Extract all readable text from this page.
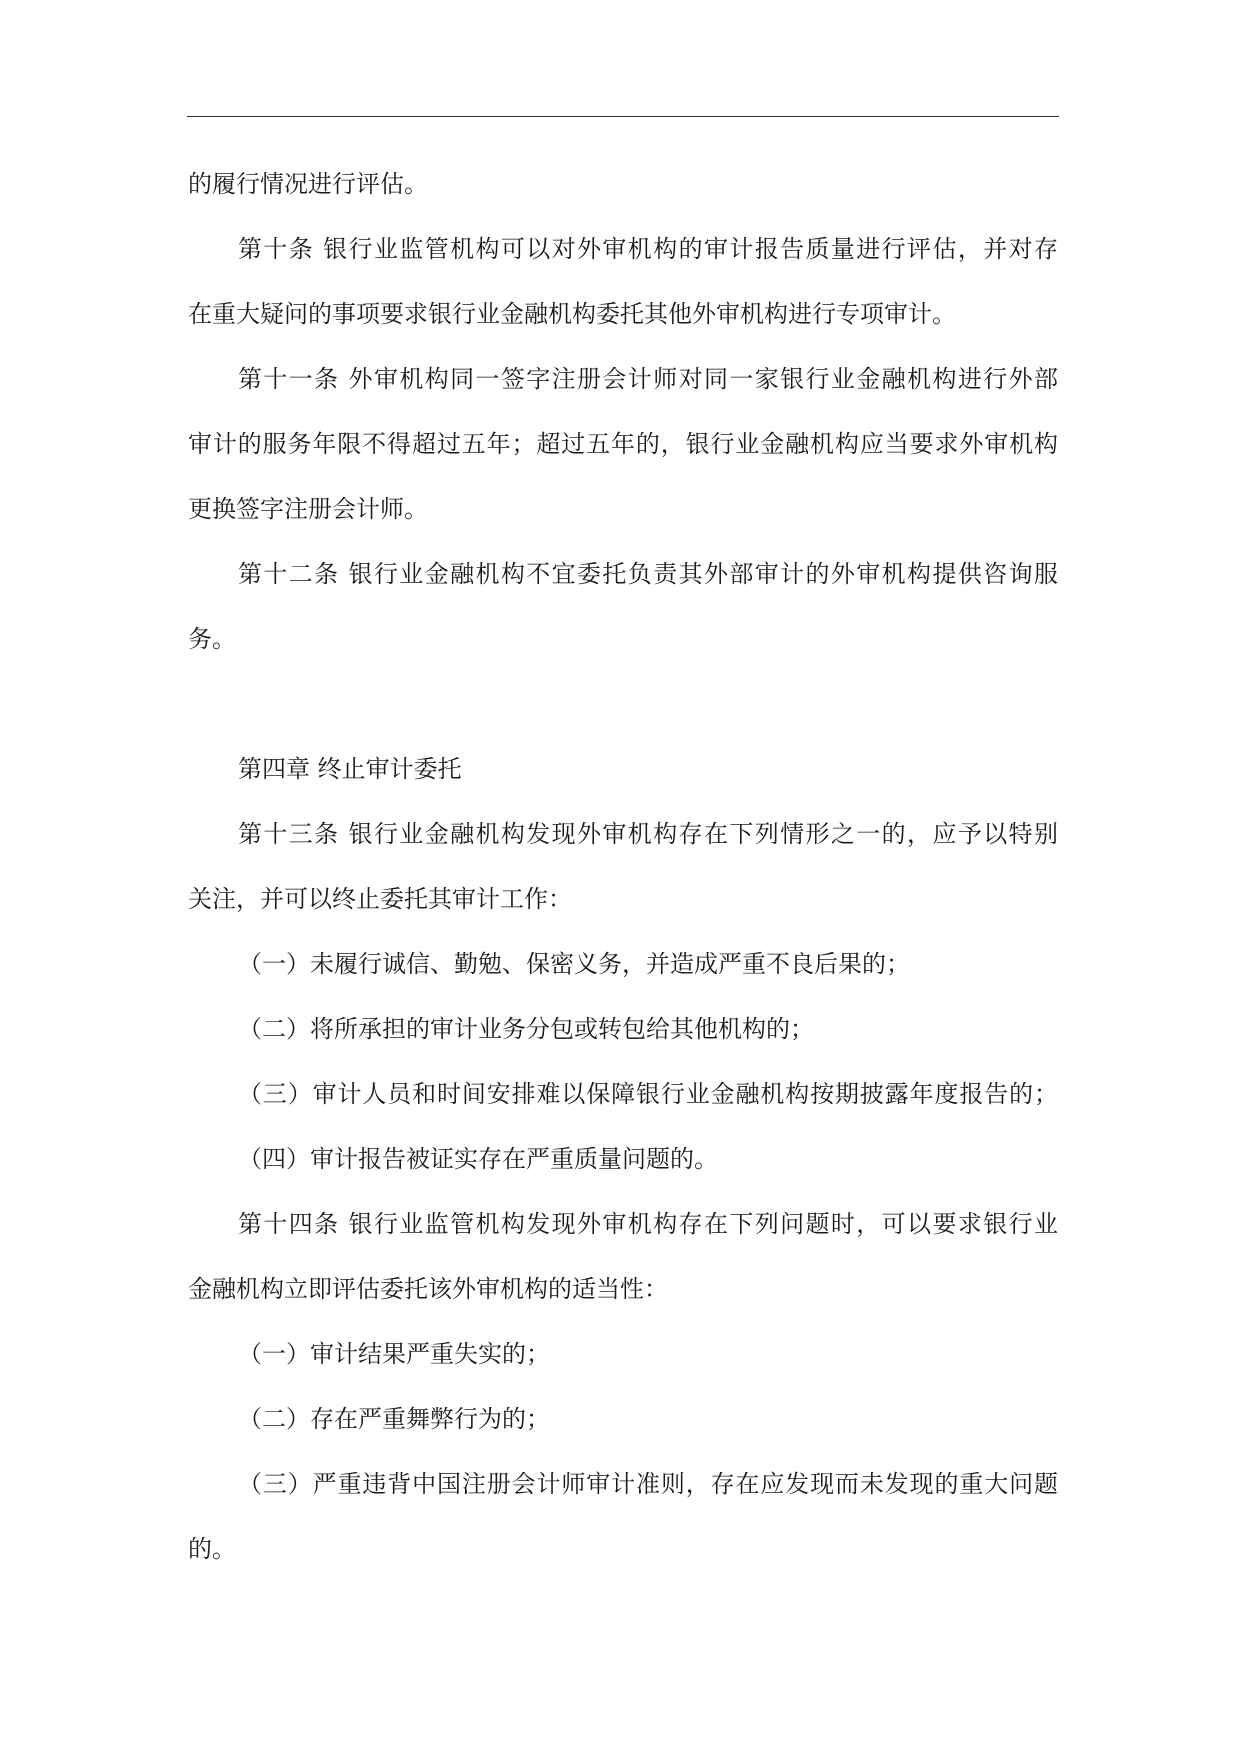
的履行情况进行评估。
第十条 银行业监管机构可以对外审机构的审计报告质量进行评估，并对存
在重大疑问的事项要求银行业金融机构委托其他外审机构进行专项审计。
第十一条 外审机构同一签字注册会计师对同一家银行业金融机构进行外部
审计的服务年限不得超过五年；超过五年的，银行业金融机构应当要求外审机构
更换签字注册会计师。
第十二条 银行业金融机构不宜委托负责其外部审计的外审机构提供咨询服
务。
第四章 终止审计委托
第十三条 银行业金融机构发现外审机构存在下列情形之一的，应予以特别
关注，并可以终止委托其审计工作：
（一）未履行诚信、勤勉、保密义务，并造成严重不良后果的；
（二）将所承担的审计业务分包或转包给其他机构的；
（三）审计人员和时间安排难以保障银行业金融机构按期披露年度报告的；
（四）审计报告被证实存在严重质量问题的。
第十四条 银行业监管机构发现外审机构存在下列问题时，可以要求银行业
金融机构立即评估委托该外审机构的适当性：
（一）审计结果严重失实的；
（二）存在严重舞弊行为的；
（三）严重违背中国注册会计师审计准则，存在应发现而未发现的重大问题
的。
